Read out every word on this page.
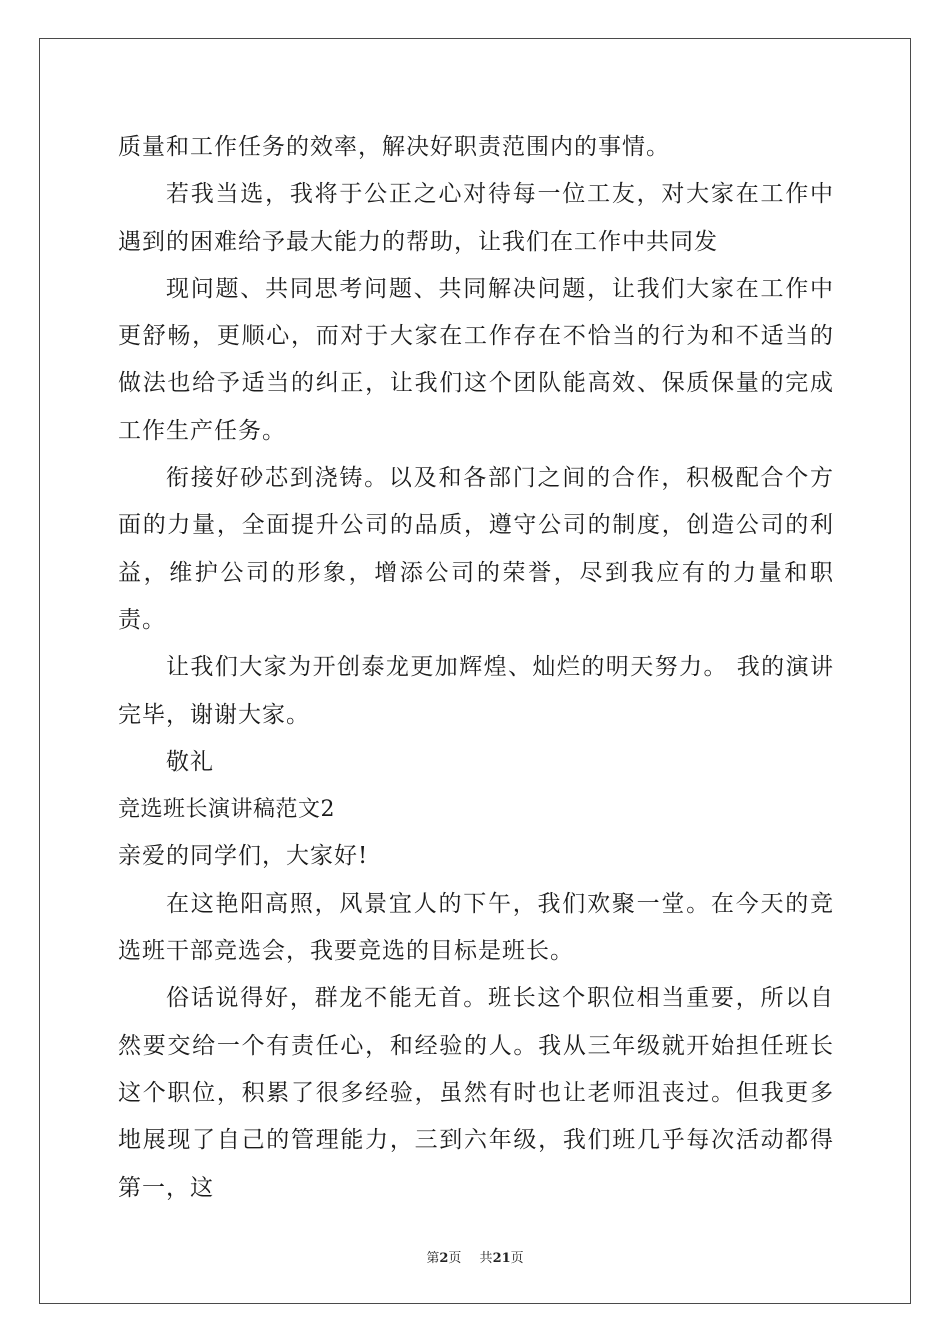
质量和工作任务的效率，解决好职责范围内的事情。

若我当选，我将于公正之心对待每一位工友，对大家在工作中遇到的困难给予最大能力的帮助，让我们在工作中共同发

现问题、共同思考问题、共同解决问题，让我们大家在工作中更舒畅，更顺心，而对于大家在工作存在不恰当的行为和不适当的做法也给予适当的纠正，让我们这个团队能高效、保质保量的完成工作生产任务。

衔接好砂芯到浇铸。以及和各部门之间的合作，积极配合个方面的力量，全面提升公司的品质，遵守公司的制度，创造公司的利益，维护公司的形象，增添公司的荣誉，尽到我应有的力量和职责。

让我们大家为开创泰龙更加辉煌、灿烂的明天努力。 我的演讲完毕，谢谢大家。

敬礼

竞选班长演讲稿范文2

亲爱的同学们，大家好!

在这艳阳高照，风景宜人的下午，我们欢聚一堂。在今天的竞选班干部竞选会，我要竞选的目标是班长。

俗话说得好，群龙不能无首。班长这个职位相当重要，所以自然要交给一个有责任心，和经验的人。我从三年级就开始担任班长这个职位，积累了很多经验，虽然有时也让老师沮丧过。但我更多地展现了自己的管理能力，三到六年级，我们班几乎每次活动都得第一，这

第2页 共21页
